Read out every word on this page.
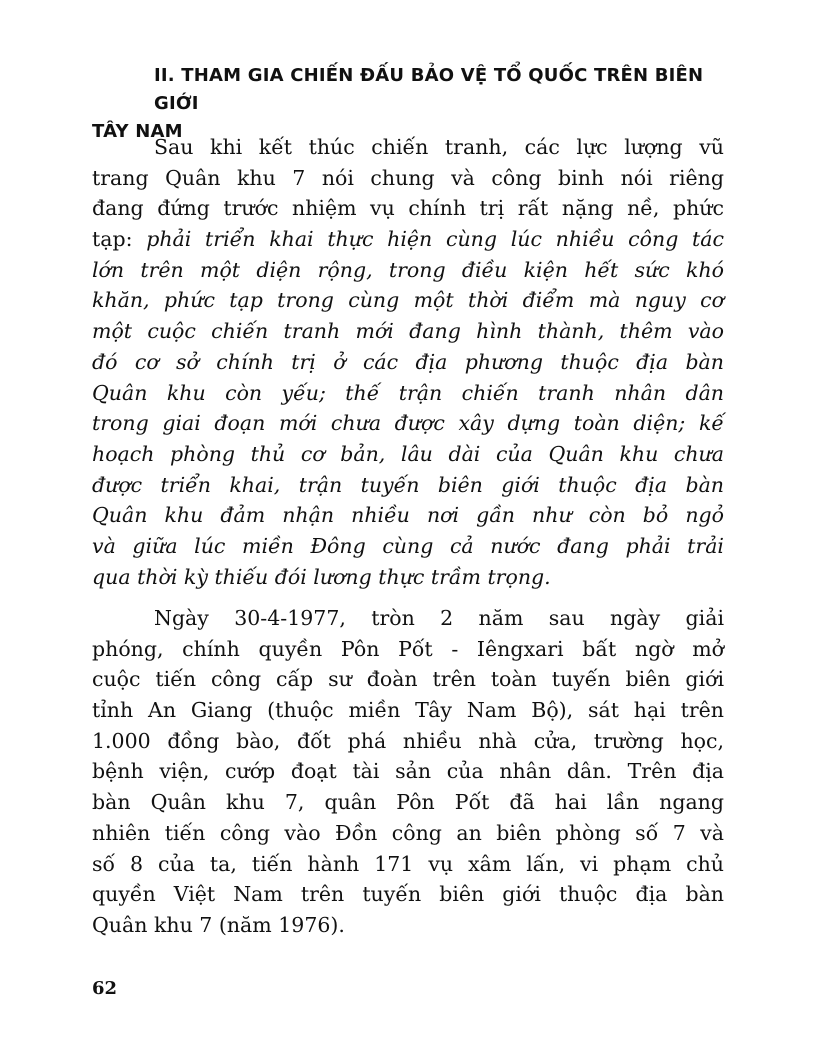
II. THAM GIA CHIẾN ĐẤU BẢO VỆ TỔ QUỐC TRÊN BIÊN GIỚI
TÂY NAM
Sau khi kết thúc chiến tranh, các lực lượng vũ
trang Quân khu 7 nói chung và công binh nói riêng
đang đứng trước nhiệm vụ chính trị rất nặng nề, phức
tạp: phải triển khai thực hiện cùng lúc nhiều công tác
lớn trên một diện rộng, trong điều kiện hết sức khó
khăn, phức tạp trong cùng một thời điểm mà nguy cơ
một cuộc chiến tranh mới đang hình thành, thêm vào
đó cơ sở chính trị ở các địa phương thuộc địa bàn
Quân khu còn yếu; thế trận chiến tranh nhân dân
trong giai đoạn mới chưa được xây dựng toàn diện; kế
hoạch phòng thủ cơ bản, lâu dài của Quân khu chưa
được triển khai, trận tuyến biên giới thuộc địa bàn
Quân khu đảm nhận nhiều nơi gần như còn bỏ ngỏ
và giữa lúc miền Đông cùng cả nước đang phải trải
qua thời kỳ thiếu đói lương thực trầm trọng.
Ngày 30-4-1977, tròn 2 năm sau ngày giải
phóng, chính quyền Pôn Pốt - Iêngxari bất ngờ mở
cuộc tiến công cấp sư đoàn trên toàn tuyến biên giới
tỉnh An Giang (thuộc miền Tây Nam Bộ), sát hại trên
1.000 đồng bào, đốt phá nhiều nhà cửa, trường học,
bệnh viện, cướp đoạt tài sản của nhân dân. Trên địa
bàn Quân khu 7, quân Pôn Pốt đã hai lần ngang
nhiên tiến công vào Đồn công an biên phòng số 7 và
số 8 của ta, tiến hành 171 vụ xâm lấn, vi phạm chủ
quyền Việt Nam trên tuyến biên giới thuộc địa bàn
Quân khu 7 (năm 1976).
62
